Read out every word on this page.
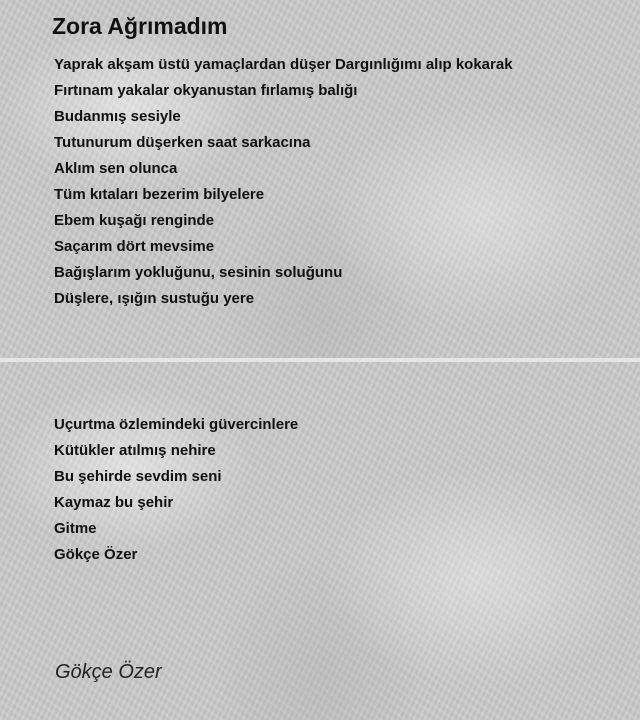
Zora Ağrımadım
Yaprak akşam üstü yamaçlardan düşer Dargınlığımı alıp kokarak
Fırtınam yakalar okyanustan fırlamış balığı
Budanmış sesiyle
Tutunurum düşerken saat sarkacına
Aklım sen olunca
Tüm kıtaları bezerim bilyelere
Ebem kuşağı renginde
Saçarım dört mevsime
Bağışlarım yokluğunu, sesinin soluğunu
Düşlere, ışığın sustuğu yere
Uçurtma özlemindeki güvercinlere
Kütükler atılmış nehire
Bu şehirde sevdim seni
Kaymaz bu şehir
Gitme
Gökçe Özer
Gökçe Özer
